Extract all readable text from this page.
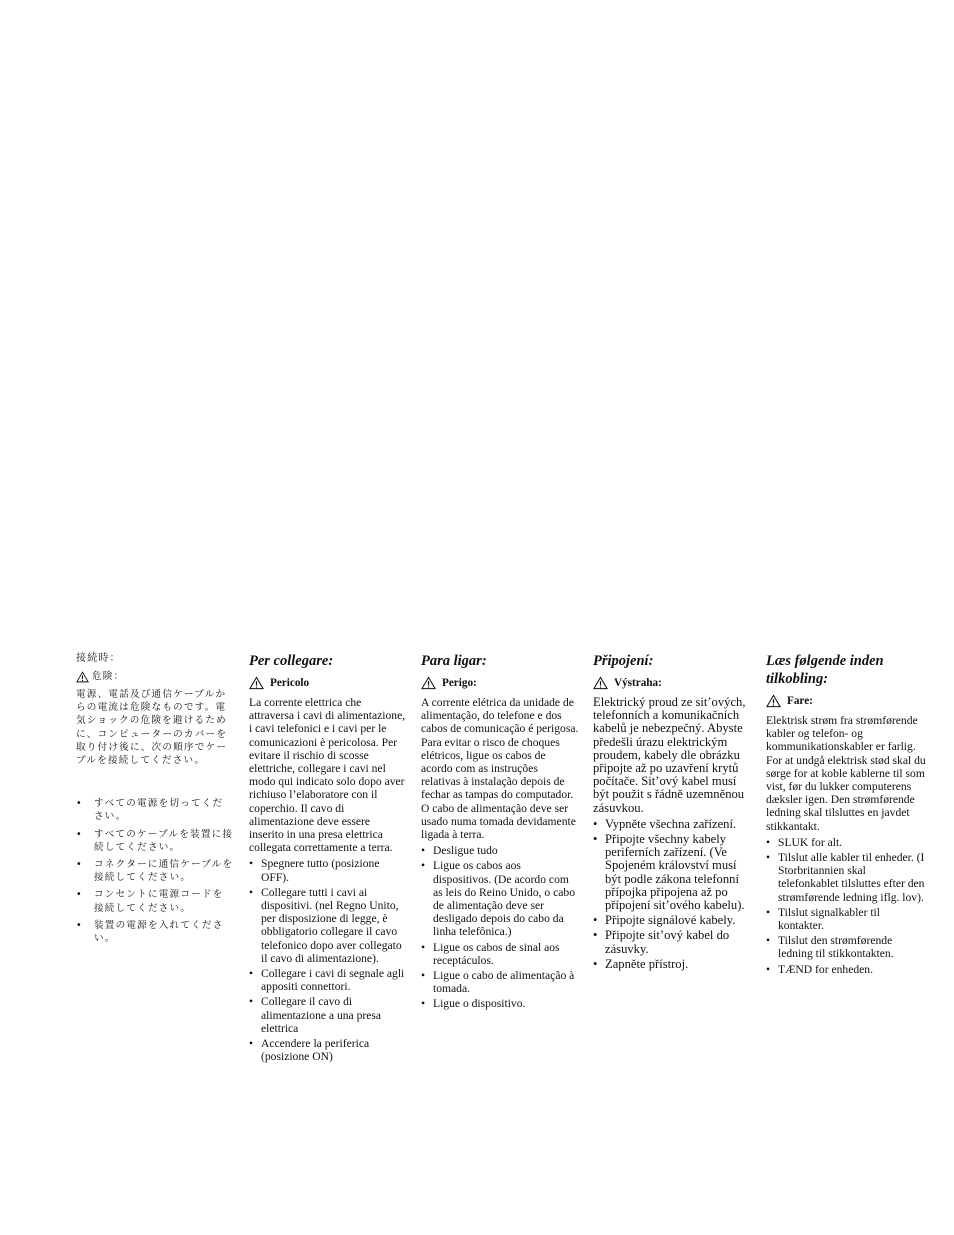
接続時：
危険：

電源、電話及び通信ケーブルからの電流は危険なものです。電気ショックの危険を避けるために、コンピューターのカバーを取り付け後に、次の順序でケーブルを接続してください。

• すべての電源を切ってください。
• すべてのケーブルを装置に接続してください。
• コネクターに通信ケーブルを接続してください。
• コンセントに電源コードを接続してください。
• 装置の電源を入れてください。
Per collegare:
Pericolo

La corrente elettrica che attraversa i cavi di alimentazione, i cavi telefonici e i cavi per le comunicazioni è pericolosa. Per evitare il rischio di scosse elettriche, collegare i cavi nel modo qui indicato solo dopo aver richiuso l’elaboratore con il coperchio. Il cavo di alimentazione deve essere inserito in una presa elettrica collegata correttamente a terra.

• Spegnere tutto (posizione OFF).
• Collegare tutti i cavi ai dispositivi. (nel Regno Unito, per disposizione di legge, è obbligatorio collegare il cavo telefonico dopo aver collegato il cavo di alimentazione).
• Collegare i cavi di segnale agli appositi connettori.
• Collegare il cavo di alimentazione a una presa elettrica
• Accendere la periferica (posizione ON)
Para ligar:
Perigo:

A corrente elétrica da unidade de alimentação, do telefone e dos cabos de comunicação é perigosa. Para evitar o risco de choques elétricos, ligue os cabos de acordo com as instruções relativas à instalação depois de fechar as tampas do computador. O cabo de alimentação deve ser usado numa tomada devidamente ligada à terra.

• Desligue tudo
• Ligue os cabos aos dispositivos. (De acordo com as leis do Reino Unido, o cabo de alimentação deve ser desligado depois do cabo da linha telefônica.)
• Ligue os cabos de sinal aos receptáculos.
• Ligue o cabo de alimentação à tomada.
• Ligue o dispositivo.
Připojení:
Výstraha:

Elektrický proud ze sit’ových, telefonních a komunikačních kabelů je nebezpečný. Abyste předešli úrazu elektrickým proudem, kabely dle obrázku připojte až po uzavření krytů počítače. Sit’ový kabel musí být použit s řádně uzemněnou zásuvkou.

• Vypněte všechna zařízení.
• Připojte všechny kabely periferních zařízení. (Ve Spojeném království musí být podle zákona telefonní přípojka připojena až po přípojení sit’ového kabelu).
• Připojte signálové kabely.
• Připojte sit’ový kabel do zásuvky.
• Zapněte přístroj.
Læs følgende inden tilkobling:
Fare:

Elektrisk strøm fra strømførende kabler og telefon- og kommunikationskabler er farlig. For at undgå elektrisk stød skal du sørge for at koble kablerne til som vist, før du lukker computerens dæksler igen. Den strømførende ledning skal tilsluttes en javdet stikkantakt.

• SLUK for alt.
• Tilslut alle kabler til enheder. (I Storbritannien skal telefonkablet tilsluttes efter den strømførende ledning iflg. lov).
• Tilslut signalkabler til kontakter.
• Tilslut den strømførende ledning til stikkontakten.
• TÆND for enheden.
